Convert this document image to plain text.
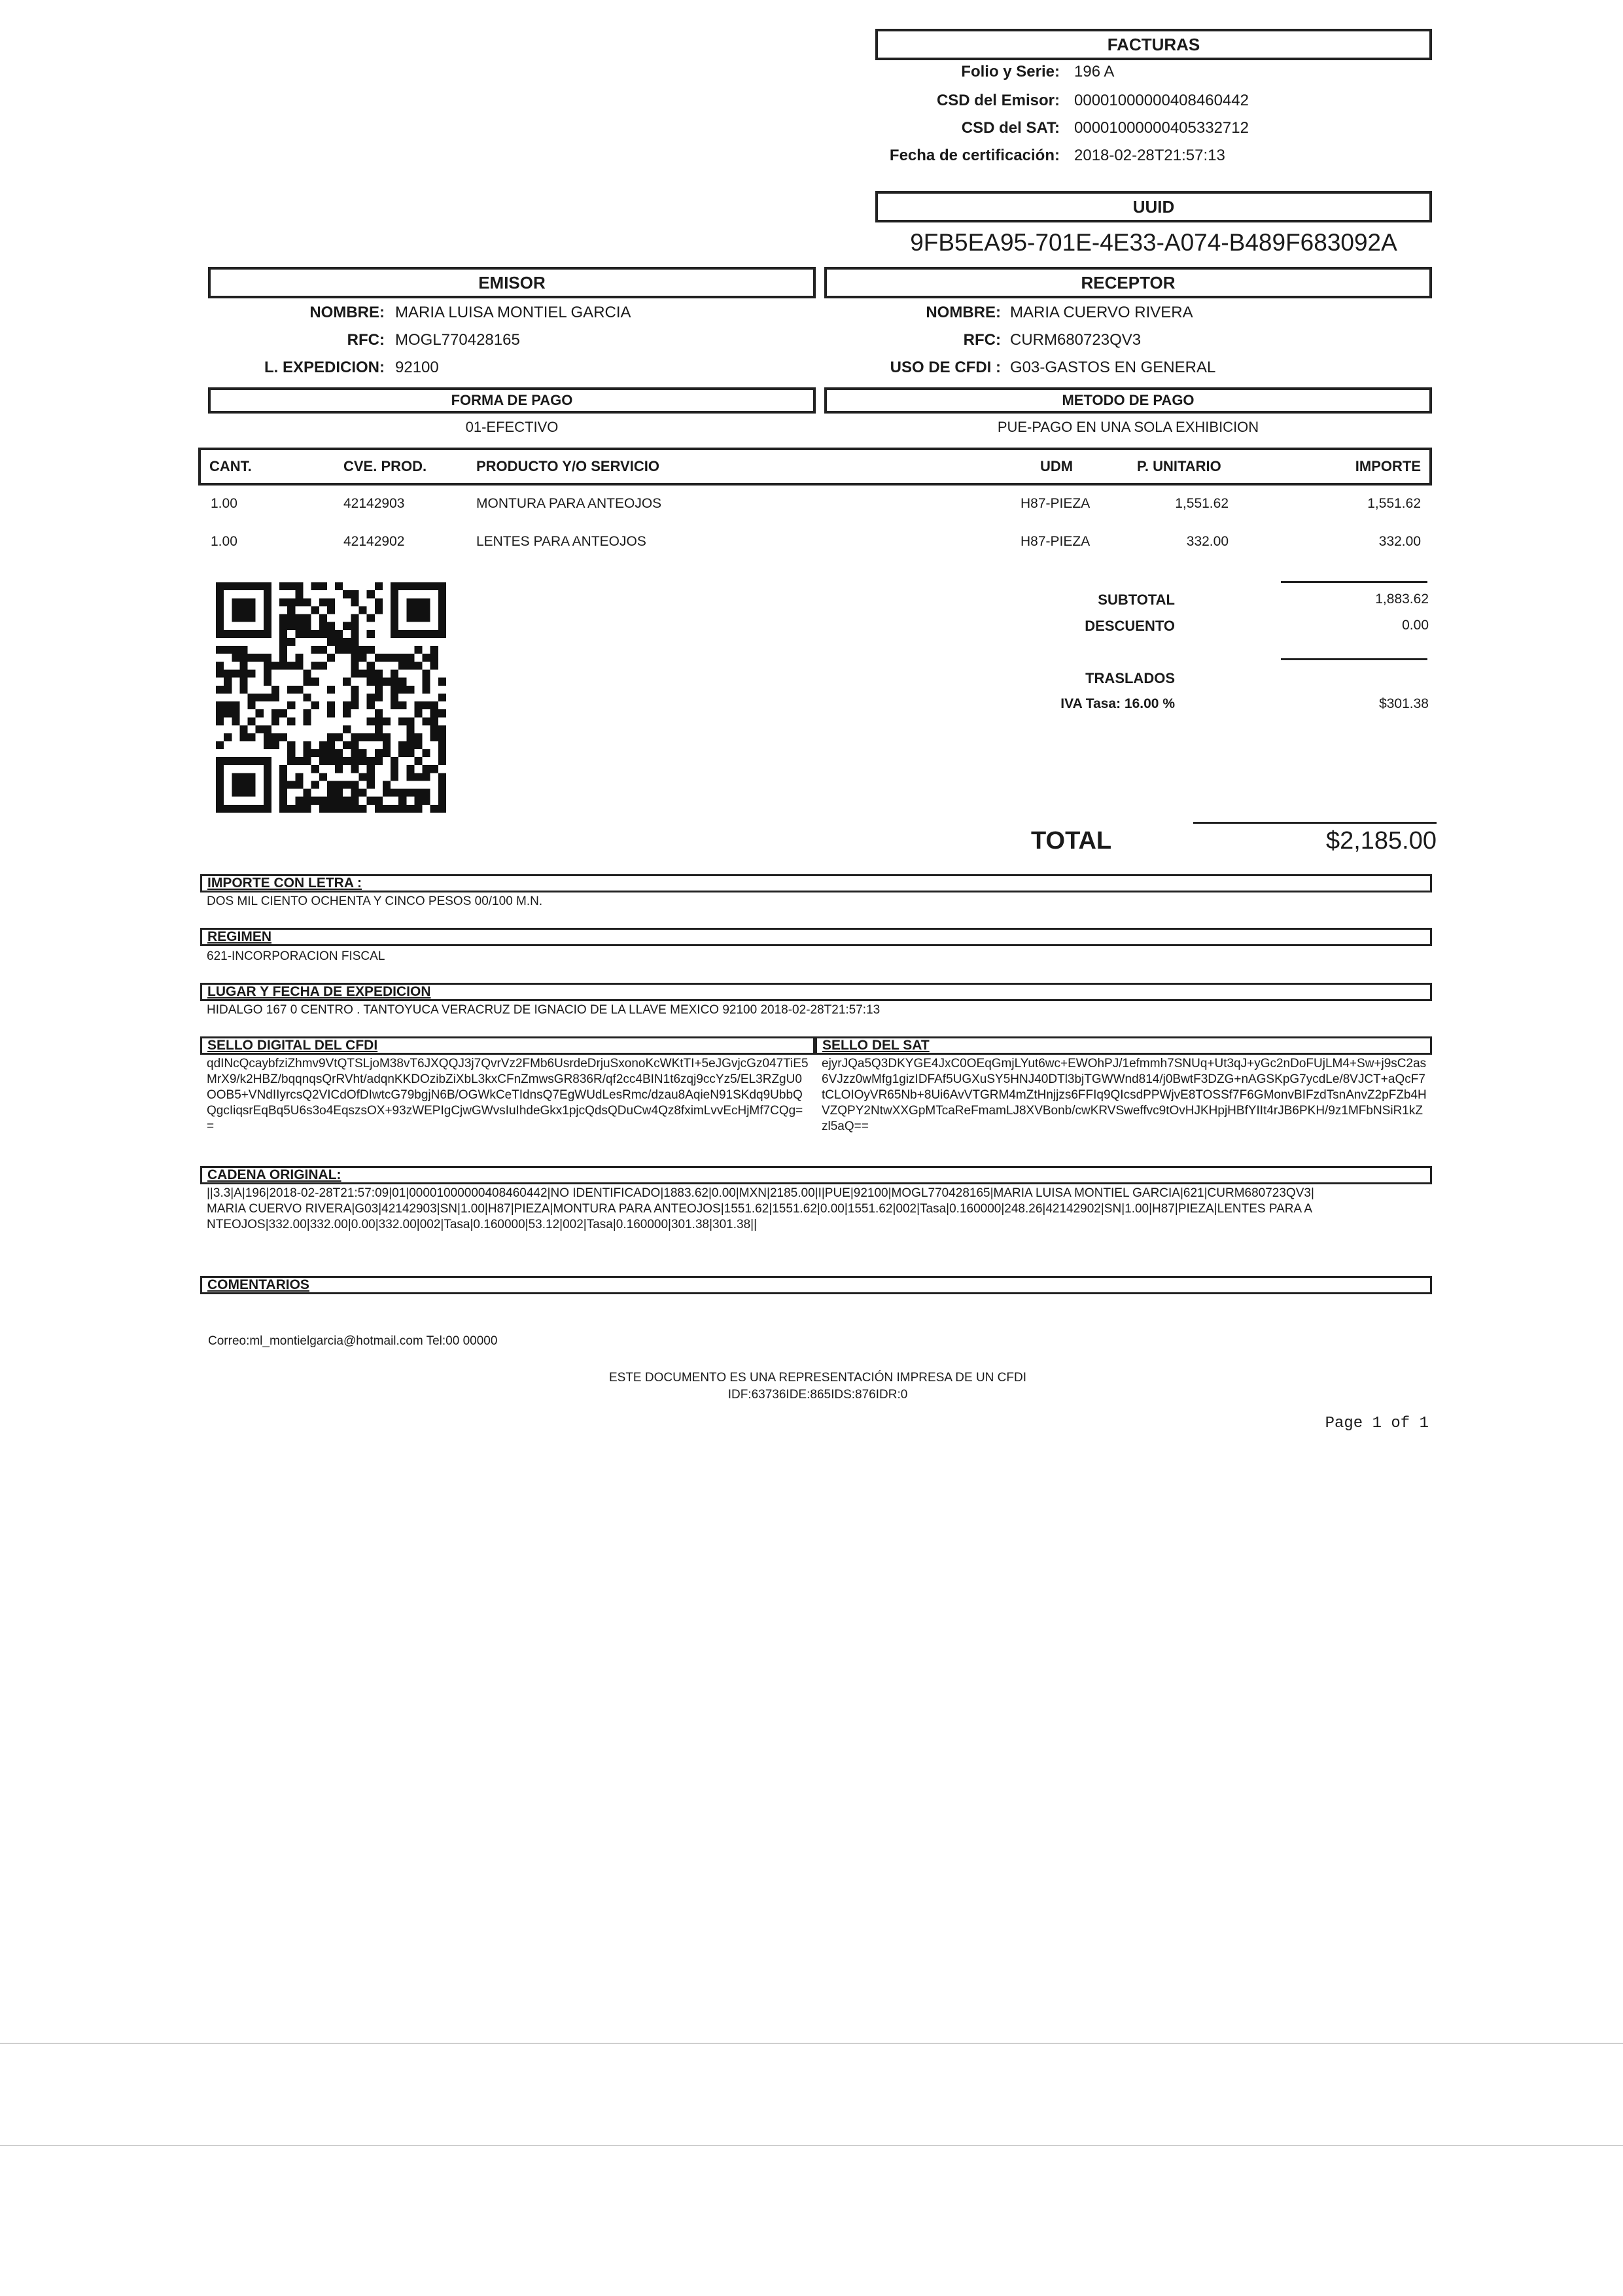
FACTURAS
Folio y Serie: 196 A
CSD del Emisor: 00001000000408460442
CSD del SAT: 00001000000405332712
Fecha de certificación: 2018-02-28T21:57:13
UUID
9FB5EA95-701E-4E33-A074-B489F683092A
EMISOR	RECEPTOR
NOMBRE: MARIA LUISA MONTIEL GARCIA
RFC: MOGL770428165
L. EXPEDICION: 92100
NOMBRE: MARIA CUERVO RIVERA
RFC: CURM680723QV3
USO DE CFDI : G03-GASTOS EN GENERAL
FORMA DE PAGO	METODO DE PAGO
01-EFECTIVO	PUE-PAGO EN UNA SOLA EXHIBICION
CANT.	CVE. PROD.	PRODUCTO Y/O SERVICIO	UDM	P. UNITARIO	IMPORTE
1.00	42142903	MONTURA PARA ANTEOJOS	H87-PIEZA	1,551.62	1,551.62
1.00	42142902	LENTES PARA ANTEOJOS	H87-PIEZA	332.00	332.00
SUBTOTAL	1,883.62
DESCUENTO	0.00
TRASLADOS
IVA Tasa: 16.00 %	$301.38
TOTAL	$2,185.00
IMPORTE CON LETRA :
DOS MIL CIENTO OCHENTA Y CINCO PESOS 00/100 M.N.
REGIMEN
621-INCORPORACION FISCAL
LUGAR Y FECHA DE EXPEDICION
HIDALGO 167 0 CENTRO . TANTOYUCA VERACRUZ DE IGNACIO DE LA LLAVE MEXICO 92100 2018-02-28T21:57:13
SELLO DIGITAL DEL CFDI	SELLO DEL SAT
qdINcQcaybfziZhmv9VtQTSLjoM38vT6JXQQJ3j7QvrVz2FMb6UsrdeDrjuSxonoKcWKtTI+5eJGvjcGz047TiE5MrX9/k2HBZ/bqqnqsQrRVht/adqnKKDOzibZiXbL3kxCFnZmwsGR836R/qf2cc4BIN1t6zqj9ccYz5/EL3RZgU0OOB5+VNdIIyrcsQ2VICdOfDIwtcG79bgjN6B/OGWkCeTIdnsQ7EgWUdLesRmc/dzau8AqieN91SKdq9UbbQQgcIiqsrEqBq5U6s3o4EqszsOX+93zWEPIgCjwGWvsIuIhdeGkx1pjcQdsQDuCw4Qz8fximLvvEcHjMf7CQg==
ejyrJQa5Q3DKYGE4JxC0OEqGmjLYut6wc+EWOhPJ/1efmmh7SNUq+Ut3qJ+yGc2nDoFUjLM4+Sw+j9sC2as6VJzz0wMfg1gizIDFAf5UGXuSY5HNJ40DTl3bjTGWWnd814/j0BwtF3DZG+nAGSKpG7ycdLe/8VJCT+aQcF7tCLOIOyVR65Nb+8Ui6AvVTGRM4mZtHnjjzs6FFIq9QIcsdPPWjvE8TOSSf7F6GMonvBIFzdTsnAnvZ2pFZb4HVZQPY2NtwXXGpMTcaReFmamLJ8XVBonb/cwKRVSweffvc9tOvHJKHpjHBfYIIt4rJB6PKH/9z1MFbNSiR1kZzl5aQ==
CADENA ORIGINAL:
||3.3|A|196|2018-02-28T21:57:09|01|00001000000408460442|NO IDENTIFICADO|1883.62|0.00|MXN|2185.00|I|PUE|92100|MOGL770428165|MARIA LUISA MONTIEL GARCIA|621|CURM680723QV3|MARIA CUERVO RIVERA|G03|42142903|SN|1.00|H87|PIEZA|MONTURA PARA ANTEOJOS|1551.62|1551.62|0.00|1551.62|002|Tasa|0.160000|248.26|42142902|SN|1.00|H87|PIEZA|LENTES PARA ANTEOJOS|332.00|332.00|0.00|332.00|002|Tasa|0.160000|53.12|002|Tasa|0.160000|301.38|301.38||
COMENTARIOS
Correo:ml_montielgarcia@hotmail.com Tel:00 00000
ESTE DOCUMENTO ES UNA REPRESENTACIÓN IMPRESA DE UN CFDI
IDF:63736IDE:865IDS:876IDR:0
Page 1 of 1
